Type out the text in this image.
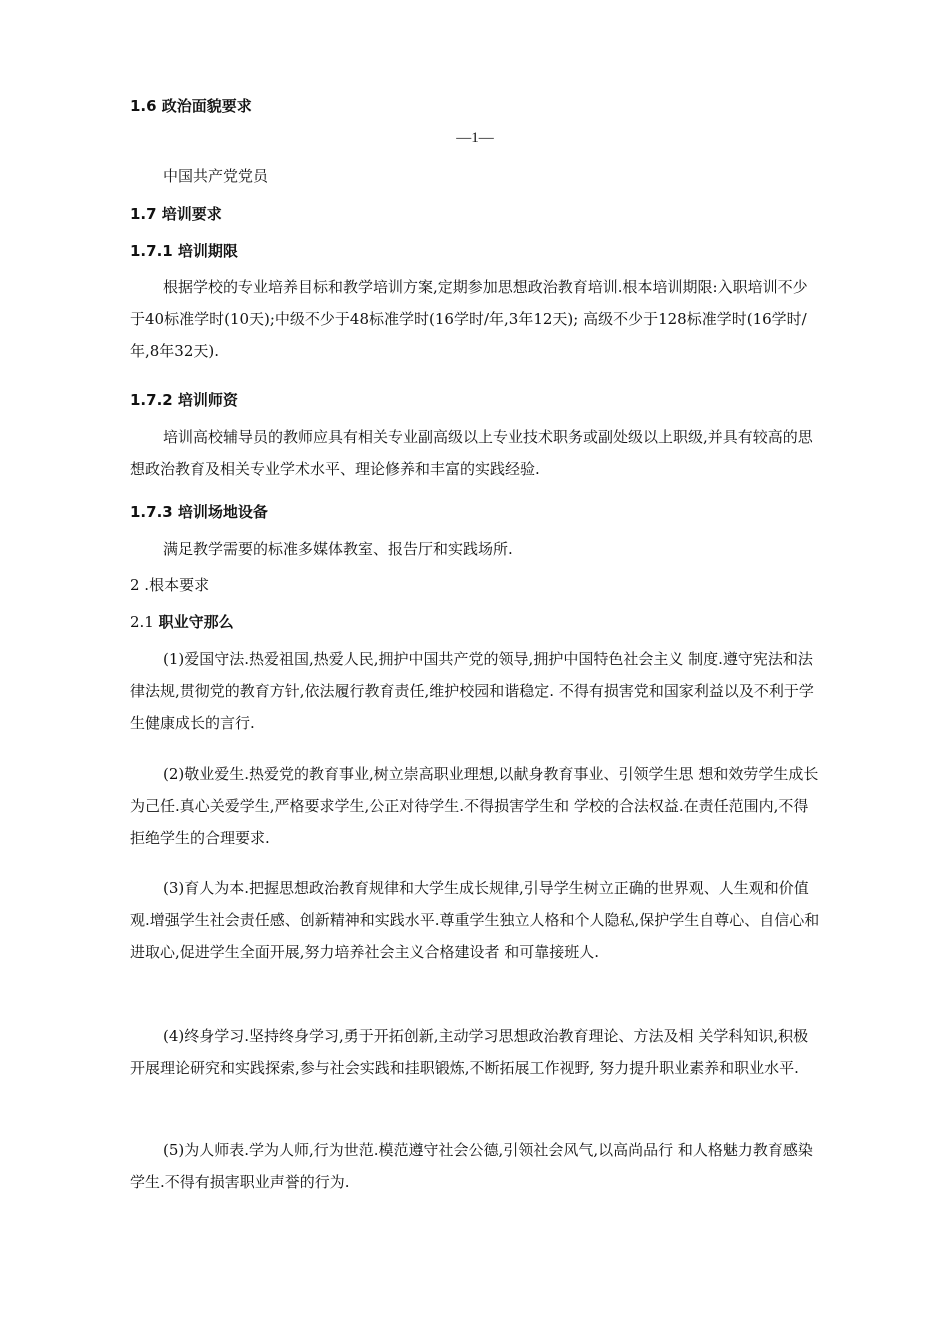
1.6 政治面貌要求
—1—
中国共产党党员
1.7 培训要求
1.7.1 培训期限
根据学校的专业培养目标和教学培训方案,定期参加思想政治教育培训.根本培训期限:入职培训不少于40标准学时(10天);中级不少于48标准学时(16学时/年,3年12天); 高级不少于128标准学时(16学时/年,8年32天).
1.7.2 培训师资
培训高校辅导员的教师应具有相关专业副高级以上专业技术职务或副处级以上职级,并具有较高的思想政治教育及相关专业学术水平、理论修养和丰富的实践经验.
1.7.3 培训场地设备
满足教学需要的标准多媒体教室、报告厅和实践场所.
2 .根本要求
2.1 职业守那么
(1)爱国守法.热爱祖国,热爱人民,拥护中国共产党的领导,拥护中国特色社会主义 制度.遵守宪法和法律法规,贯彻党的教育方针,依法履行教育责任,维护校园和谐稳定. 不得有损害党和国家利益以及不利于学生健康成长的言行.
(2)敬业爱生.热爱党的教育事业,树立崇高职业理想,以献身教育事业、引领学生思 想和效劳学生成长为己任.真心关爱学生,严格要求学生,公正对待学生.不得损害学生和 学校的合法权益.在责任范围内,不得拒绝学生的合理要求.
(3)育人为本.把握思想政治教育规律和大学生成长规律,引导学生树立正确的世界观、人生观和价值观.增强学生社会责任感、创新精神和实践水平.尊重学生独立人格和个人隐私,保护学生自尊心、自信心和进取心,促进学生全面开展,努力培养社会主义合格建设者 和可靠接班人.
(4)终身学习.坚持终身学习,勇于开拓创新,主动学习思想政治教育理论、方法及相 关学科知识,积极开展理论研究和实践探索,参与社会实践和挂职锻炼,不断拓展工作视野, 努力提升职业素养和职业水平.
(5)为人师表.学为人师,行为世范.模范遵守社会公德,引领社会风气,以高尚品行 和人格魅力教育感染学生.不得有损害职业声誉的行为.
